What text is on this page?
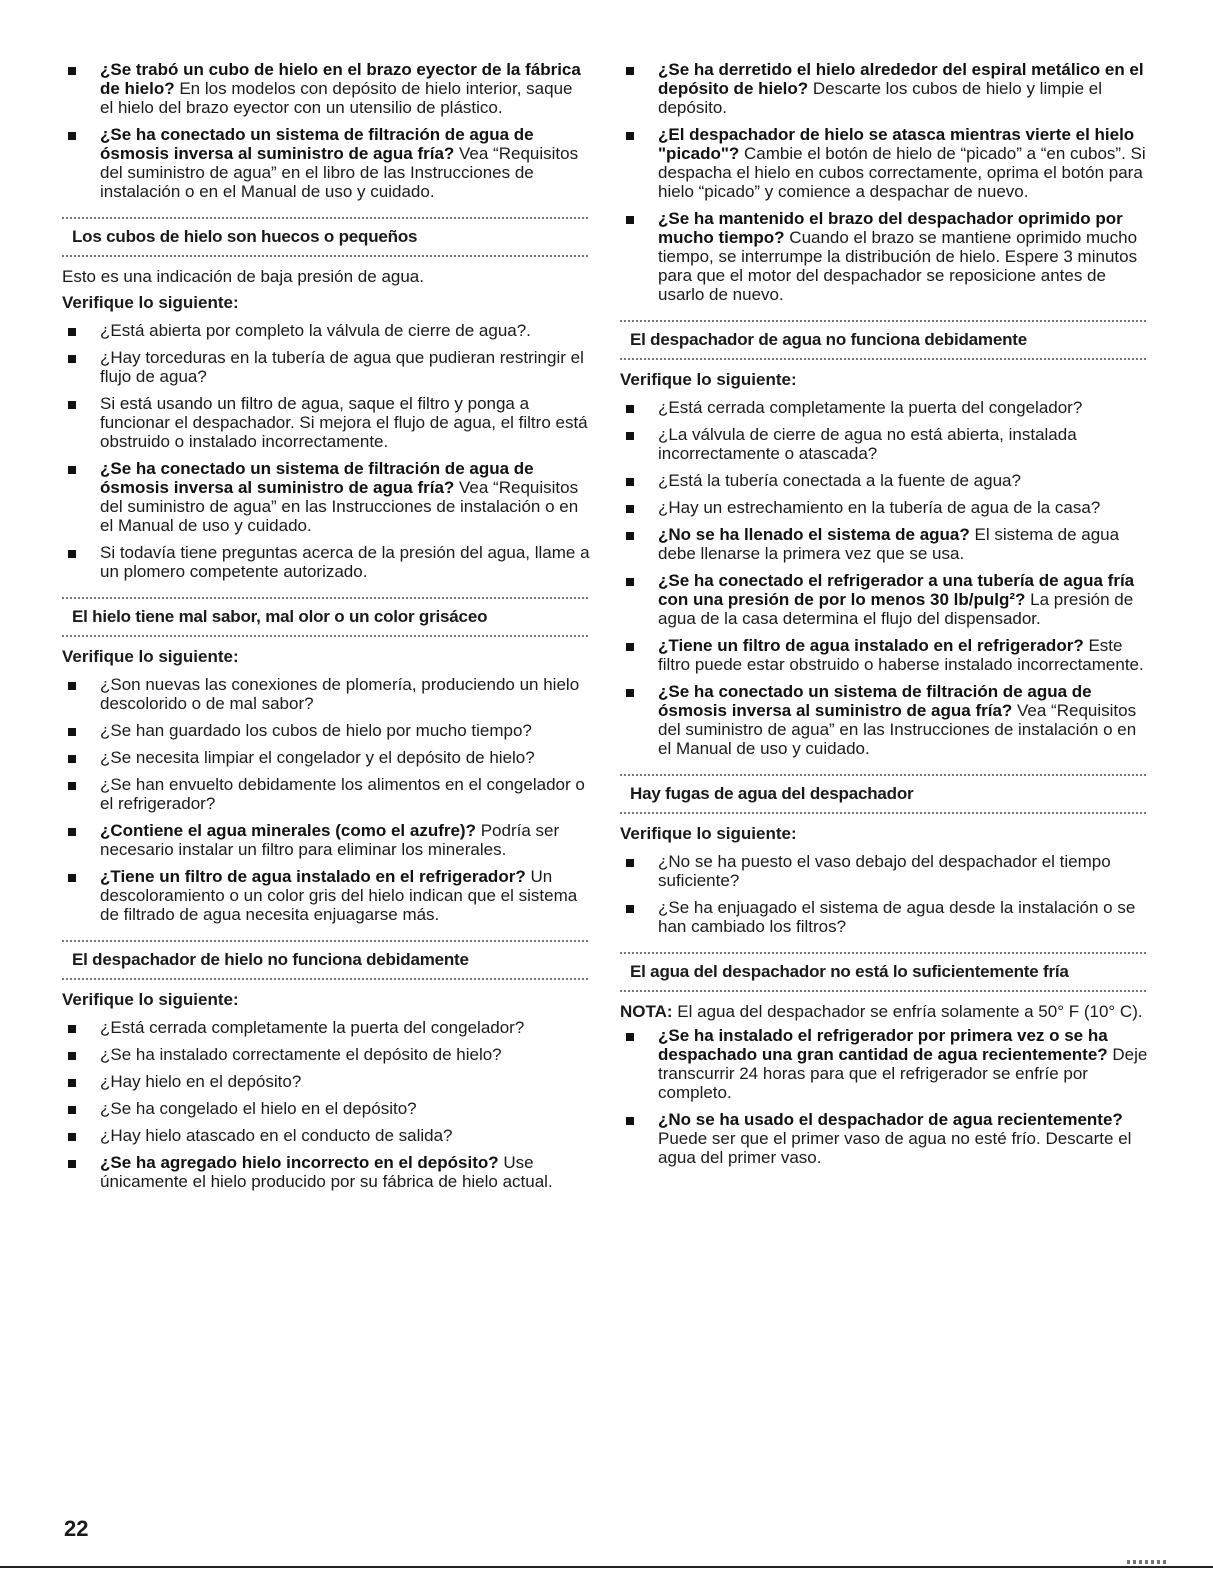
¿Se trabó un cubo de hielo en el brazo eyector de la fábrica de hielo? En los modelos con depósito de hielo interior, saque el hielo del brazo eyector con un utensilio de plástico.
¿Se ha conectado un sistema de filtración de agua de ósmosis inversa al suministro de agua fría? Vea “Requisitos del suministro de agua” en el libro de las Instrucciones de instalación o en el Manual de uso y cuidado.
Los cubos de hielo son huecos o pequeños
Esto es una indicación de baja presión de agua.
Verifique lo siguiente:
¿Está abierta por completo la válvula de cierre de agua?.
¿Hay torceduras en la tubería de agua que pudieran restringir el flujo de agua?
Si está usando un filtro de agua, saque el filtro y ponga a funcionar el despachador. Si mejora el flujo de agua, el filtro está obstruido o instalado incorrectamente.
¿Se ha conectado un sistema de filtración de agua de ósmosis inversa al suministro de agua fría? Vea “Requisitos del suministro de agua” en las Instrucciones de instalación o en el Manual de uso y cuidado.
Si todavía tiene preguntas acerca de la presión del agua, llame a un plomero competente autorizado.
El hielo tiene mal sabor, mal olor o un color grisáceo
Verifique lo siguiente:
¿Son nuevas las conexiones de plomería, produciendo un hielo descolorido o de mal sabor?
¿Se han guardado los cubos de hielo por mucho tiempo?
¿Se necesita limpiar el congelador y el depósito de hielo?
¿Se han envuelto debidamente los alimentos en el congelador o el refrigerador?
¿Contiene el agua minerales (como el azufre)? Podría ser necesario instalar un filtro para eliminar los minerales.
¿Tiene un filtro de agua instalado en el refrigerador? Un descoloramiento o un color gris del hielo indican que el sistema de filtrado de agua necesita enjuagarse más.
El despachador de hielo no funciona debidamente
Verifique lo siguiente:
¿Está cerrada completamente la puerta del congelador?
¿Se ha instalado correctamente el depósito de hielo?
¿Hay hielo en el depósito?
¿Se ha congelado el hielo en el depósito?
¿Hay hielo atascado en el conducto de salida?
¿Se ha agregado hielo incorrecto en el depósito? Use únicamente el hielo producido por su fábrica de hielo actual.
¿Se ha derretido el hielo alrededor del espiral metálico en el depósito de hielo? Descarte los cubos de hielo y limpie el depósito.
¿El despachador de hielo se atasca mientras vierte el hielo "picado"? Cambie el botón de hielo de “picado” a “en cubos”. Si despacha el hielo en cubos correctamente, oprima el botón para hielo “picado” y comience a despachar de nuevo.
¿Se ha mantenido el brazo del despachador oprimido por mucho tiempo? Cuando el brazo se mantiene oprimido mucho tiempo, se interrumpe la distribución de hielo. Espere 3 minutos para que el motor del despachador se reposicione antes de usarlo de nuevo.
El despachador de agua no funciona debidamente
Verifique lo siguiente:
¿Está cerrada completamente la puerta del congelador?
¿La válvula de cierre de agua no está abierta, instalada incorrectamente o atascada?
¿Está la tubería conectada a la fuente de agua?
¿Hay un estrechamiento en la tubería de agua de la casa?
¿No se ha llenado el sistema de agua? El sistema de agua debe llenarse la primera vez que se usa.
¿Se ha conectado el refrigerador a una tubería de agua fría con una presión de por lo menos 30 lb/pulg²? La presión de agua de la casa determina el flujo del dispensador.
¿Tiene un filtro de agua instalado en el refrigerador? Este filtro puede estar obstruido o haberse instalado incorrectamente.
¿Se ha conectado un sistema de filtración de agua de ósmosis inversa al suministro de agua fría? Vea “Requisitos del suministro de agua” en las Instrucciones de instalación o en el Manual de uso y cuidado.
Hay fugas de agua del despachador
Verifique lo siguiente:
¿No se ha puesto el vaso debajo del despachador el tiempo suficiente?
¿Se ha enjuagado el sistema de agua desde la instalación o se han cambiado los filtros?
El agua del despachador no está lo suficientemente fría
NOTA: El agua del despachador se enfría solamente a 50° F (10° C).
¿Se ha instalado el refrigerador por primera vez o se ha despachado una gran cantidad de agua recientemente? Deje transcurrir 24 horas para que el refrigerador se enfríe por completo.
¿No se ha usado el despachador de agua recientemente? Puede ser que el primer vaso de agua no esté frío. Descarte el agua del primer vaso.
22
